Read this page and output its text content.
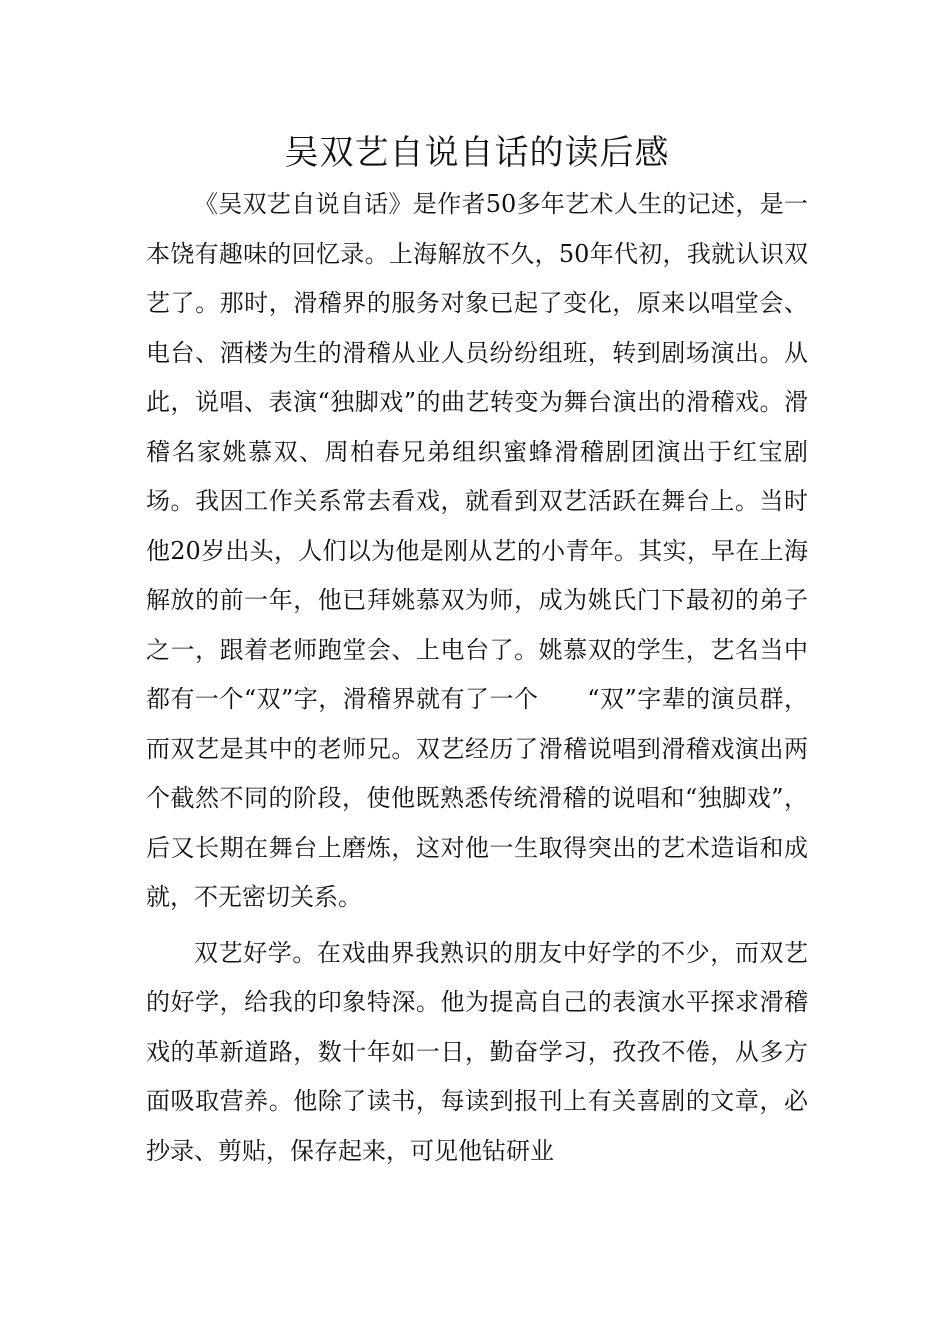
吴双艺自说自话的读后感

《吴双艺自说自话》是作者50多年艺术人生的记述，是一本饶有趣味的回忆录。上海解放不久，50年代初，我就认识双艺了。那时，滑稽界的服务对象已起了变化，原来以唱堂会、电台、酒楼为生的滑稽从业人员纷纷组班，转到剧场演出。从此，说唱、表演“独脚戏”的曲艺转变为舞台演出的滑稽戏。滑稽名家姚慕双、周柏春兄弟组织蜜蜂滑稽剧团演出于红宝剧场。我因工作关系常去看戏，就看到双艺活跃在舞台上。当时他20岁出头，人们以为他是刚从艺的小青年。其实，早在上海解放的前一年，他已拜姚慕双为师，成为姚氏门下最初的弟子之一，跟着老师跑堂会、上电台了。姚慕双的学生，艺名当中都有一个“双”字，滑稽界就有了一个　　“双”字辈的演员群，而双艺是其中的老师兄。双艺经历了滑稽说唱到滑稽戏演出两个截然不同的阶段，使他既熟悉传统滑稽的说唱和“独脚戏”，后又长期在舞台上磨炼，这对他一生取得突出的艺术造诣和成就，不无密切关系。

双艺好学。在戏曲界我熟识的朋友中好学的不少，而双艺的好学，给我的印象特深。他为提高自己的表演水平探求滑稽戏的革新道路，数十年如一日，勤奋学习，孜孜不倦，从多方面吸取营养。他除了读书，每读到报刊上有关喜剧的文章，必抄录、剪贴，保存起来，可见他钻研业
